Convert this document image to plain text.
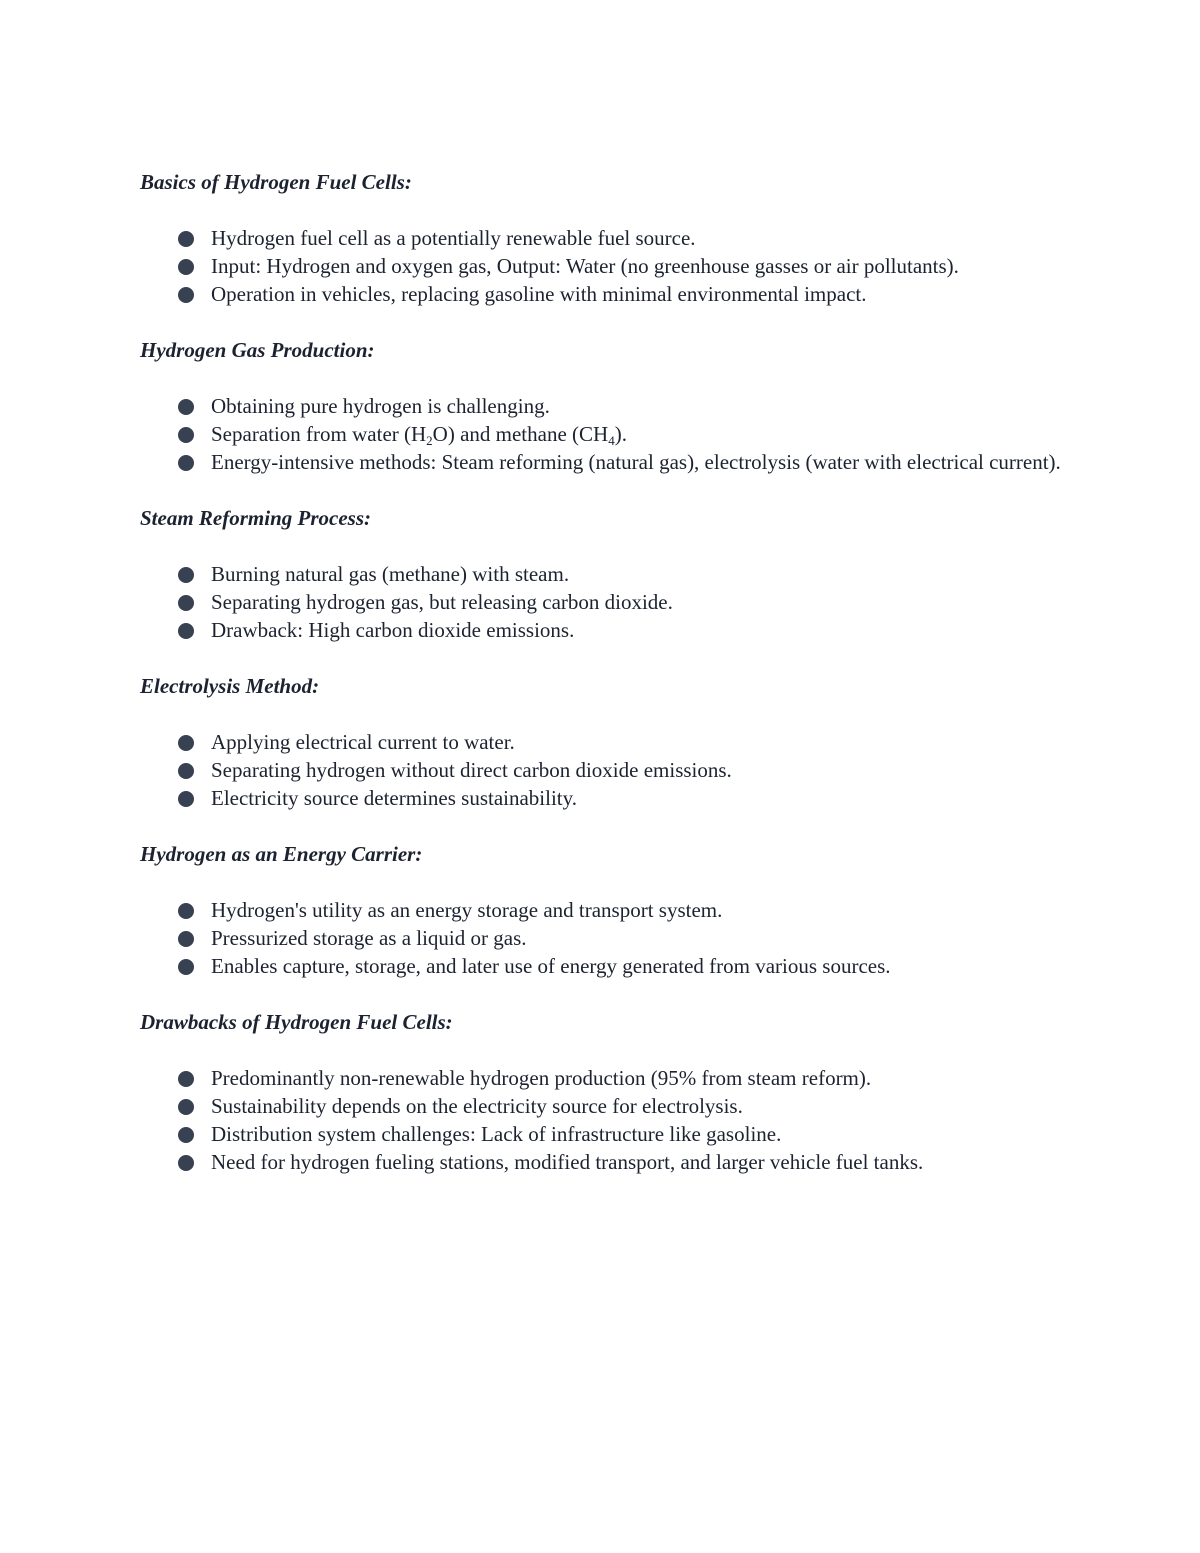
Basics of Hydrogen Fuel Cells:
Hydrogen fuel cell as a potentially renewable fuel source.
Input: Hydrogen and oxygen gas, Output: Water (no greenhouse gasses or air pollutants).
Operation in vehicles, replacing gasoline with minimal environmental impact.
Hydrogen Gas Production:
Obtaining pure hydrogen is challenging.
Separation from water $(H_2O)$ and methane $(CH_4)$.
Energy-intensive methods: Steam reforming (natural gas), electrolysis (water with electrical current).
Steam Reforming Process:
Burning natural gas (methane) with steam.
Separating hydrogen gas, but releasing carbon dioxide.
Drawback: High carbon dioxide emissions.
Electrolysis Method:
Applying electrical current to water.
Separating hydrogen without direct carbon dioxide emissions.
Electricity source determines sustainability.
Hydrogen as an Energy Carrier:
Hydrogen's utility as an energy storage and transport system.
Pressurized storage as a liquid or gas.
Enables capture, storage, and later use of energy generated from various sources.
Drawbacks of Hydrogen Fuel Cells:
Predominantly non-renewable hydrogen production (95% from steam reform).
Sustainability depends on the electricity source for electrolysis.
Distribution system challenges: Lack of infrastructure like gasoline.
Need for hydrogen fueling stations, modified transport, and larger vehicle fuel tanks.
